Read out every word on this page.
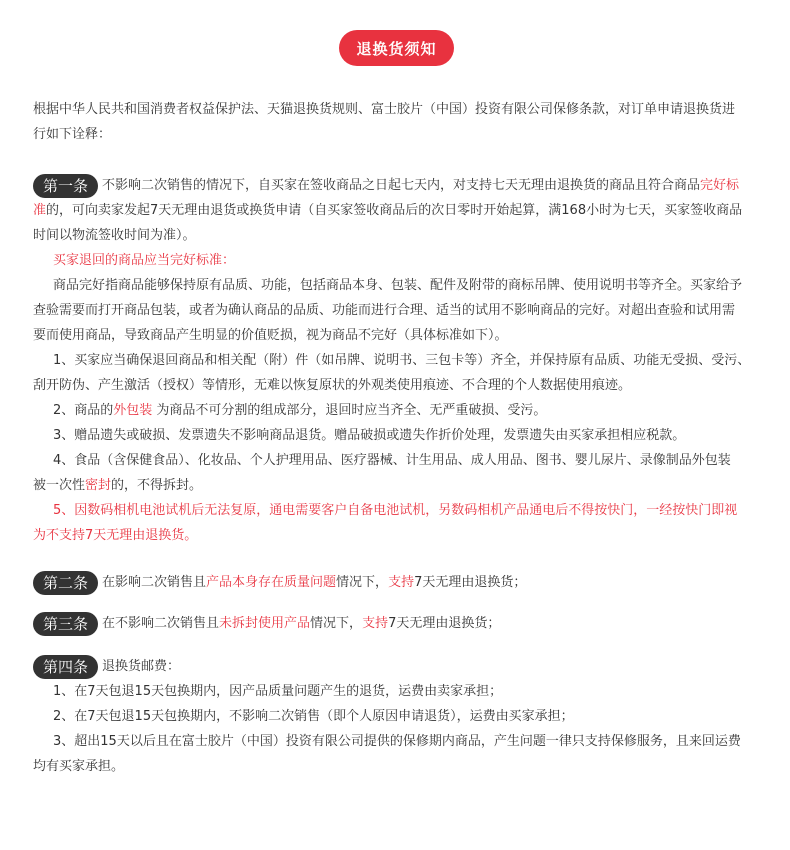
退换货须知
根据中华人民共和国消费者权益保护法、天猫退换货规则、富士胶片（中国）投资有限公司保修条款，对订单申请退换货进
行如下诠释：
第一条 不影响二次销售的情况下，自买家在签收商品之日起七天内，对支持七天无理由退换货的商品且符合商品完好标
准的，可向卖家发起7天无理由退货或换货申请（自买家签收商品后的次日零时开始起算，满168小时为七天，买家签收商品
时间以物流签收时间为准）。
买家退回的商品应当完好标准：
商品完好指商品能够保持原有品质、功能，包括商品本身、包装、配件及附带的商标吊牌、使用说明书等齐全。买家给予
查验需要而打开商品包装，或者为确认商品的品质、功能而进行合理、适当的试用不影响商品的完好。对超出查验和试用需
要而使用商品，导致商品产生明显的价值贬损，视为商品不完好（具体标准如下）。
1、买家应当确保退回商品和相关配（附）件（如吊牌、说明书、三包卡等）齐全，并保持原有品质、功能无受损、受污、
刮开防伪、产生激活（授权）等情形，无难以恢复原状的外观类使用痕迹、不合理的个人数据使用痕迹。
2、商品的外包装 为商品不可分割的组成部分，退回时应当齐全、无严重破损、受污。
3、赠品遗失或破损、发票遗失不影响商品退货。赠品破损或遗失作折价处理，发票遗失由买家承担相应税款。
4、食品（含保健食品）、化妆品、个人护理用品、医疗器械、计生用品、成人用品、图书、婴儿尿片、录像制品外包装
被一次性密封的，不得拆封。
5、因数码相机电池试机后无法复原，通电需要客户自备电池试机，另数码相机产品通电后不得按快门，一经按快门即视
为不支持7天无理由退换货。
第二条 在影响二次销售且产品本身存在质量问题情况下，支持7天无理由退换货；
第三条 在不影响二次销售且未拆封使用产品情况下，支持7天无理由退换货；
第四条 退换货邮费：
1、在7天包退15天包换期内，因产品质量问题产生的退货，运费由卖家承担；
2、在7天包退15天包换期内，不影响二次销售（即个人原因申请退货），运费由买家承担；
3、超出15天以后且在富士胶片（中国）投资有限公司提供的保修期内商品，产生问题一律只支持保修服务，且来回运费
均有买家承担。
